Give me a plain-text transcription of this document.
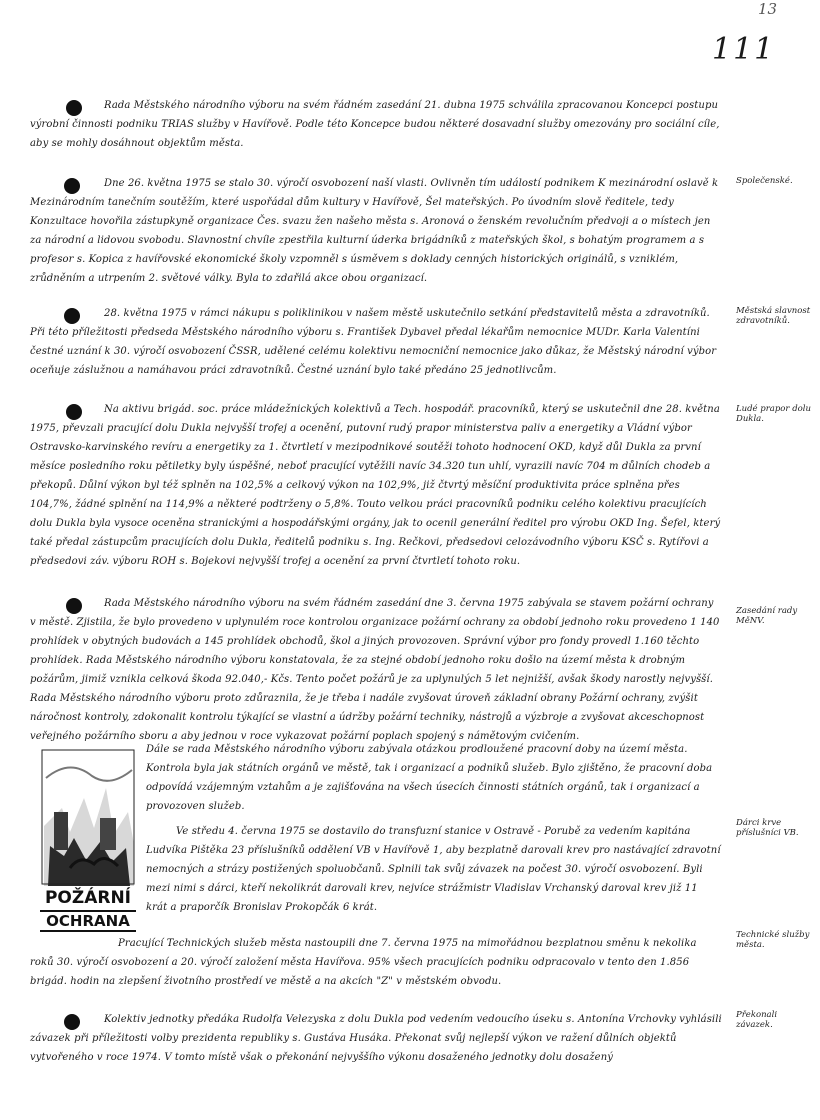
13
111

Rada Městského národního výboru na svém řádném zasedání 21. dubna 1975 schválila zpracovanou Koncepci postupu výrobní činnosti podniku TRIAS služby v Havířově. Podle této Koncepce budou některé dosavadní služby omezovány pro sociální cíle, aby se mohly dosáhnout objektům města.

Dne 26. května 1975 se stalo 30. výročí osvobození naší vlasti. Ovlivněn tím událostí podnikem K mezinárodní oslavě k Mezinárodním tanečním soutěžím, které uspořádal dům kultury v Havířově, Šel mateřských. Po úvodním slově ředitele, tedy Konzultace hovořila zástupkyně organizace Čes. svazu žen našeho města s. Aronová o ženském revolučním předvoji a o místech jen za národní a lidovou svobodu. Slavnostní chvíle zpestřila kulturní úderka brigádníků z mateřských škol, s bohatým programem a s profesor s. Kopica z havířovské ekonomické školy vzpomněl s úsměvem s doklady cenných historických originálů, s vzniklém, zrůdněním a utrpením 2. světové války. Byla to zdařilá akce obou organizací.

Společenské.

28. května 1975 v rámci nákupu s poliklinikou v našem městě uskutečnilo setkání představitelů města a zdravotníků. Při této příležitosti předseda Městského národního výboru s. František Dybavel předal lékařům nemocnice MUDr. Karla Valentíni čestné uznání k 30. výročí osvobození ČSSR, udělené celému kolektivu nemocniční nemocnice jako důkaz, že Městský národní výbor oceňuje záslužnou a namáhavou práci zdravotníků. Čestné uznání bylo také předáno 25 jednotlivcům.

Městská slavnost zdravotníků.

Na aktivu brigád. soc. práce mládežnických kolektivů a Tech. hospodář. pracovníků, který se uskutečnil dne 28. května 1975, převzali pracující dolu Dukla nejvyšší trofej a ocenění, putovní rudý prapor ministerstva paliv a energetiky a Vládní výbor Ostravsko-karvinského revíru a energetiky za 1. čtvrtletí v mezipodnikové soutěži tohoto hodnocení OKD, když důl Dukla za první měsíce posledního roku pětiletky byly úspěšné, neboť pracující vytěžili navíc 34.320 tun uhlí, vyrazili navíc 704 m důlních chodeb a překopů. Důlní výkon byl též splněn na 102,5% a celkový výkon na 102,9%, již čtvrtý měsíční produktivita práce splněna přes 104,7%, žádné splnění na 114,9% a některé podtrženy o 5,8%. Touto velkou práci pracovníků podniku celého kolektivu pracujících dolu Dukla byla vysoce oceněna stranickými a hospodářskými orgány, jak to ocenil generální ředitel pro výrobu OKD Ing. Šefel, který také předal zástupcům pracujících dolu Dukla, ředitelů podniku s. Ing. Rečkovi, předsedovi celozávodního výboru KSČ s. Rytířovi a předsedovi záv. výboru ROH s. Bojekovi nejvyšší trofej a ocenění za první čtvrtletí tohoto roku.

Ludé prapor dolu Dukla.

Rada Městského národního výboru na svém řádném zasedání dne 3. června 1975 zabývala se stavem požární ochrany v městě. Zjistila, že bylo provedeno v uplynulém roce kontrolou organizace požární ochrany za období jednoho roku provedeno 1 140 prohlídek v obytných budovách a 145 prohlídek obchodů, škol a jiných provozoven. Správní výbor pro fondy provedl 1.160 těchto prohlídek. Rada Městského národního výboru konstatovala, že za stejné období jednoho roku došlo na území města k drobným požárům, jimiž vznikla celková škoda 92.040,- Kčs. Tento počet požárů je za uplynulých 5 let nejnižší, avšak škody narostly nejvyšší. Rada Městského národního výboru proto zdůraznila, že je třeba i nadále zvyšovat úroveň základní obrany Požární ochrany, zvýšit náročnost kontroly, zdokonalit kontrolu týkající se vlastní a údržby požární techniky, nástrojů a výzbroje a zvyšovat akceschopnost veřejného požárního sboru a aby jednou v roce vykazovat požární poplach spojený s námětovým cvičením.

Zasedání rady MěNV.

Dále se rada Městského národního výboru zabývala otázkou prodloužené pracovní doby na území města. Kontrola byla jak státních orgánů ve městě, tak i organizací a podniků služeb. Bylo zjištěno, že pracovní doba odpovídá vzájemným vztahům a je zajišťována na všech úsecích činnosti státních orgánů, tak i organizací a provozoven služeb.

POŽÁRNÍ
OCHRANA

Ve středu 4. června 1975 se dostavilo do transfuzní stanice v Ostravě - Porubě za vedením kapitána Ludvíka Pištěka 23 příslušníků oddělení VB v Havířově 1, aby bezplatně darovali krev pro nastávající zdravotní nemocných a strázy postižených spoluobčanů. Splnili tak svůj závazek na počest 30. výročí osvobození. Byli mezi nimi s dárci, kteří nekolikrát darovali krev, nejvíce strážmistr Vladislav Vrchanský daroval krev již 11 krát a praporčík Bronislav Prokopčák 6 krát.

Dárci krve příslušníci VB.

Pracující Technických služeb města nastoupili dne 7. června 1975 na mimořádnou bezplatnou směnu k nekolika roků 30. výročí osvobození a 20. výročí založení města Havířova. 95% všech pracujících podniku odpracovalo v tento den 1.856 brigád. hodin na zlepšení životního prostředí ve městě a na akcích "Z" v městském obvodu.

Technické služby města.

Kolektiv jednotky předáka Rudolfa Velezyska z dolu Dukla pod vedením vedoucího úseku s. Antonína Vrchovky vyhlásili závazek při příležitosti volby prezidenta republiky s. Gustáva Husáka. Překonat svůj nejlepší výkon ve ražení důlních objektů vytvořeného v roce 1974. V tomto místě však o překonání nejvyššího výkonu dosaženého jednotky dolu dosažený

Překonali závazek.
